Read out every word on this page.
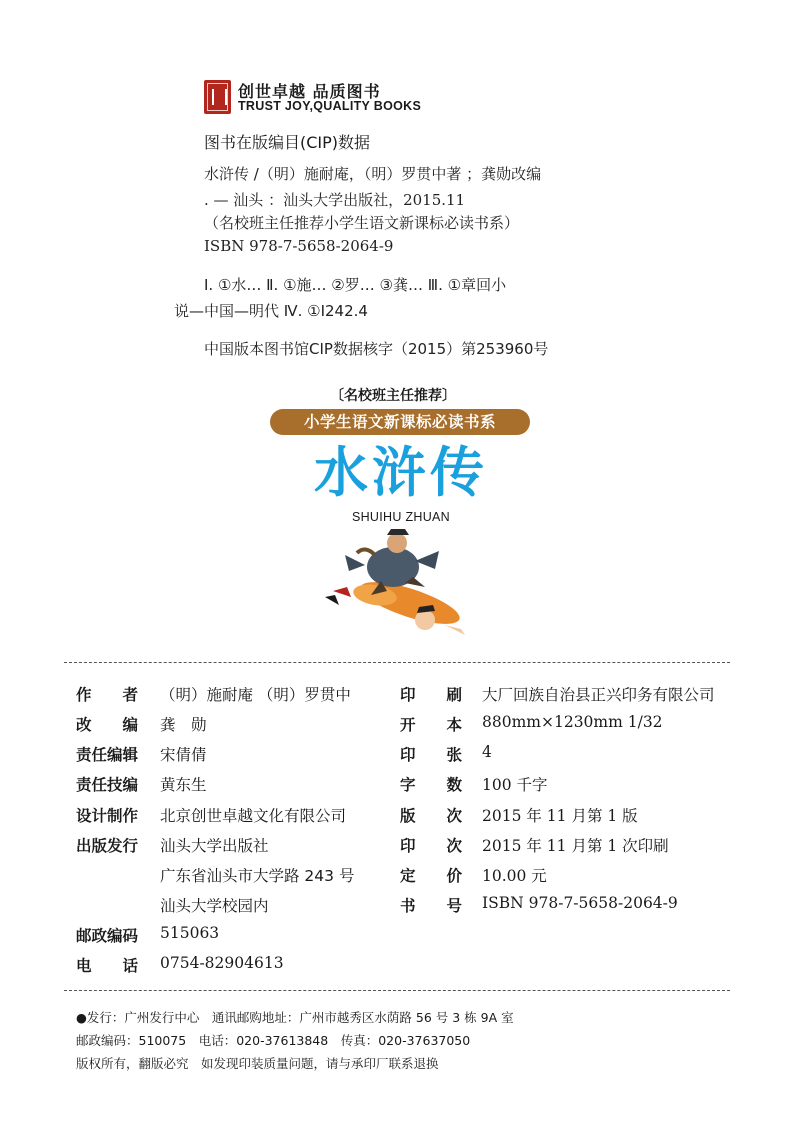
创世卓越 品质图书
TRUST JOY,QUALITY BOOKS
图书在版编目(CIP)数据
水浒传 /（明）施耐庵，（明）罗贯中著 ；龚勋改编
. — 汕头 ：汕头大学出版社，2015.11
（名校班主任推荐小学生语文新课标必读书系）
ISBN 978-7-5658-2064-9
Ⅰ. ①水… Ⅱ. ①施… ②罗… ③龚… Ⅲ. ①章回小
说—中国—明代 Ⅳ. ①I242.4
中国版本图书馆CIP数据核字（2015）第253960号
〔名校班主任推荐〕
小学生语文新课标必读书系
水浒传
SHUIHU ZHUAN
作　　者 （明）施耐庵 （明）罗贯中
改　　编 龚　勋
责任编辑 宋倩倩
责任技编 黄东生
设计制作 北京创世卓越文化有限公司
出版发行 汕头大学出版社
广东省汕头市大学路 243 号
汕头大学校园内
邮政编码 515063
电　　话 0754-82904613
印　　刷 大厂回族自治县正兴印务有限公司
开　　本 880mm×1230mm 1/32
印　　张 4
字　　数 100 千字
版　　次 2015 年 11 月第 1 版
印　　次 2015 年 11 月第 1 次印刷
定　　价 10.00 元
书　　号 ISBN 978-7-5658-2064-9
●发行：广州发行中心　通讯邮购地址：广州市越秀区水荫路 56 号 3 栋 9A 室
邮政编码：510075　电话：020-37613848　传真：020-37637050
版权所有，翻版必究　如发现印装质量问题，请与承印厂联系退换
